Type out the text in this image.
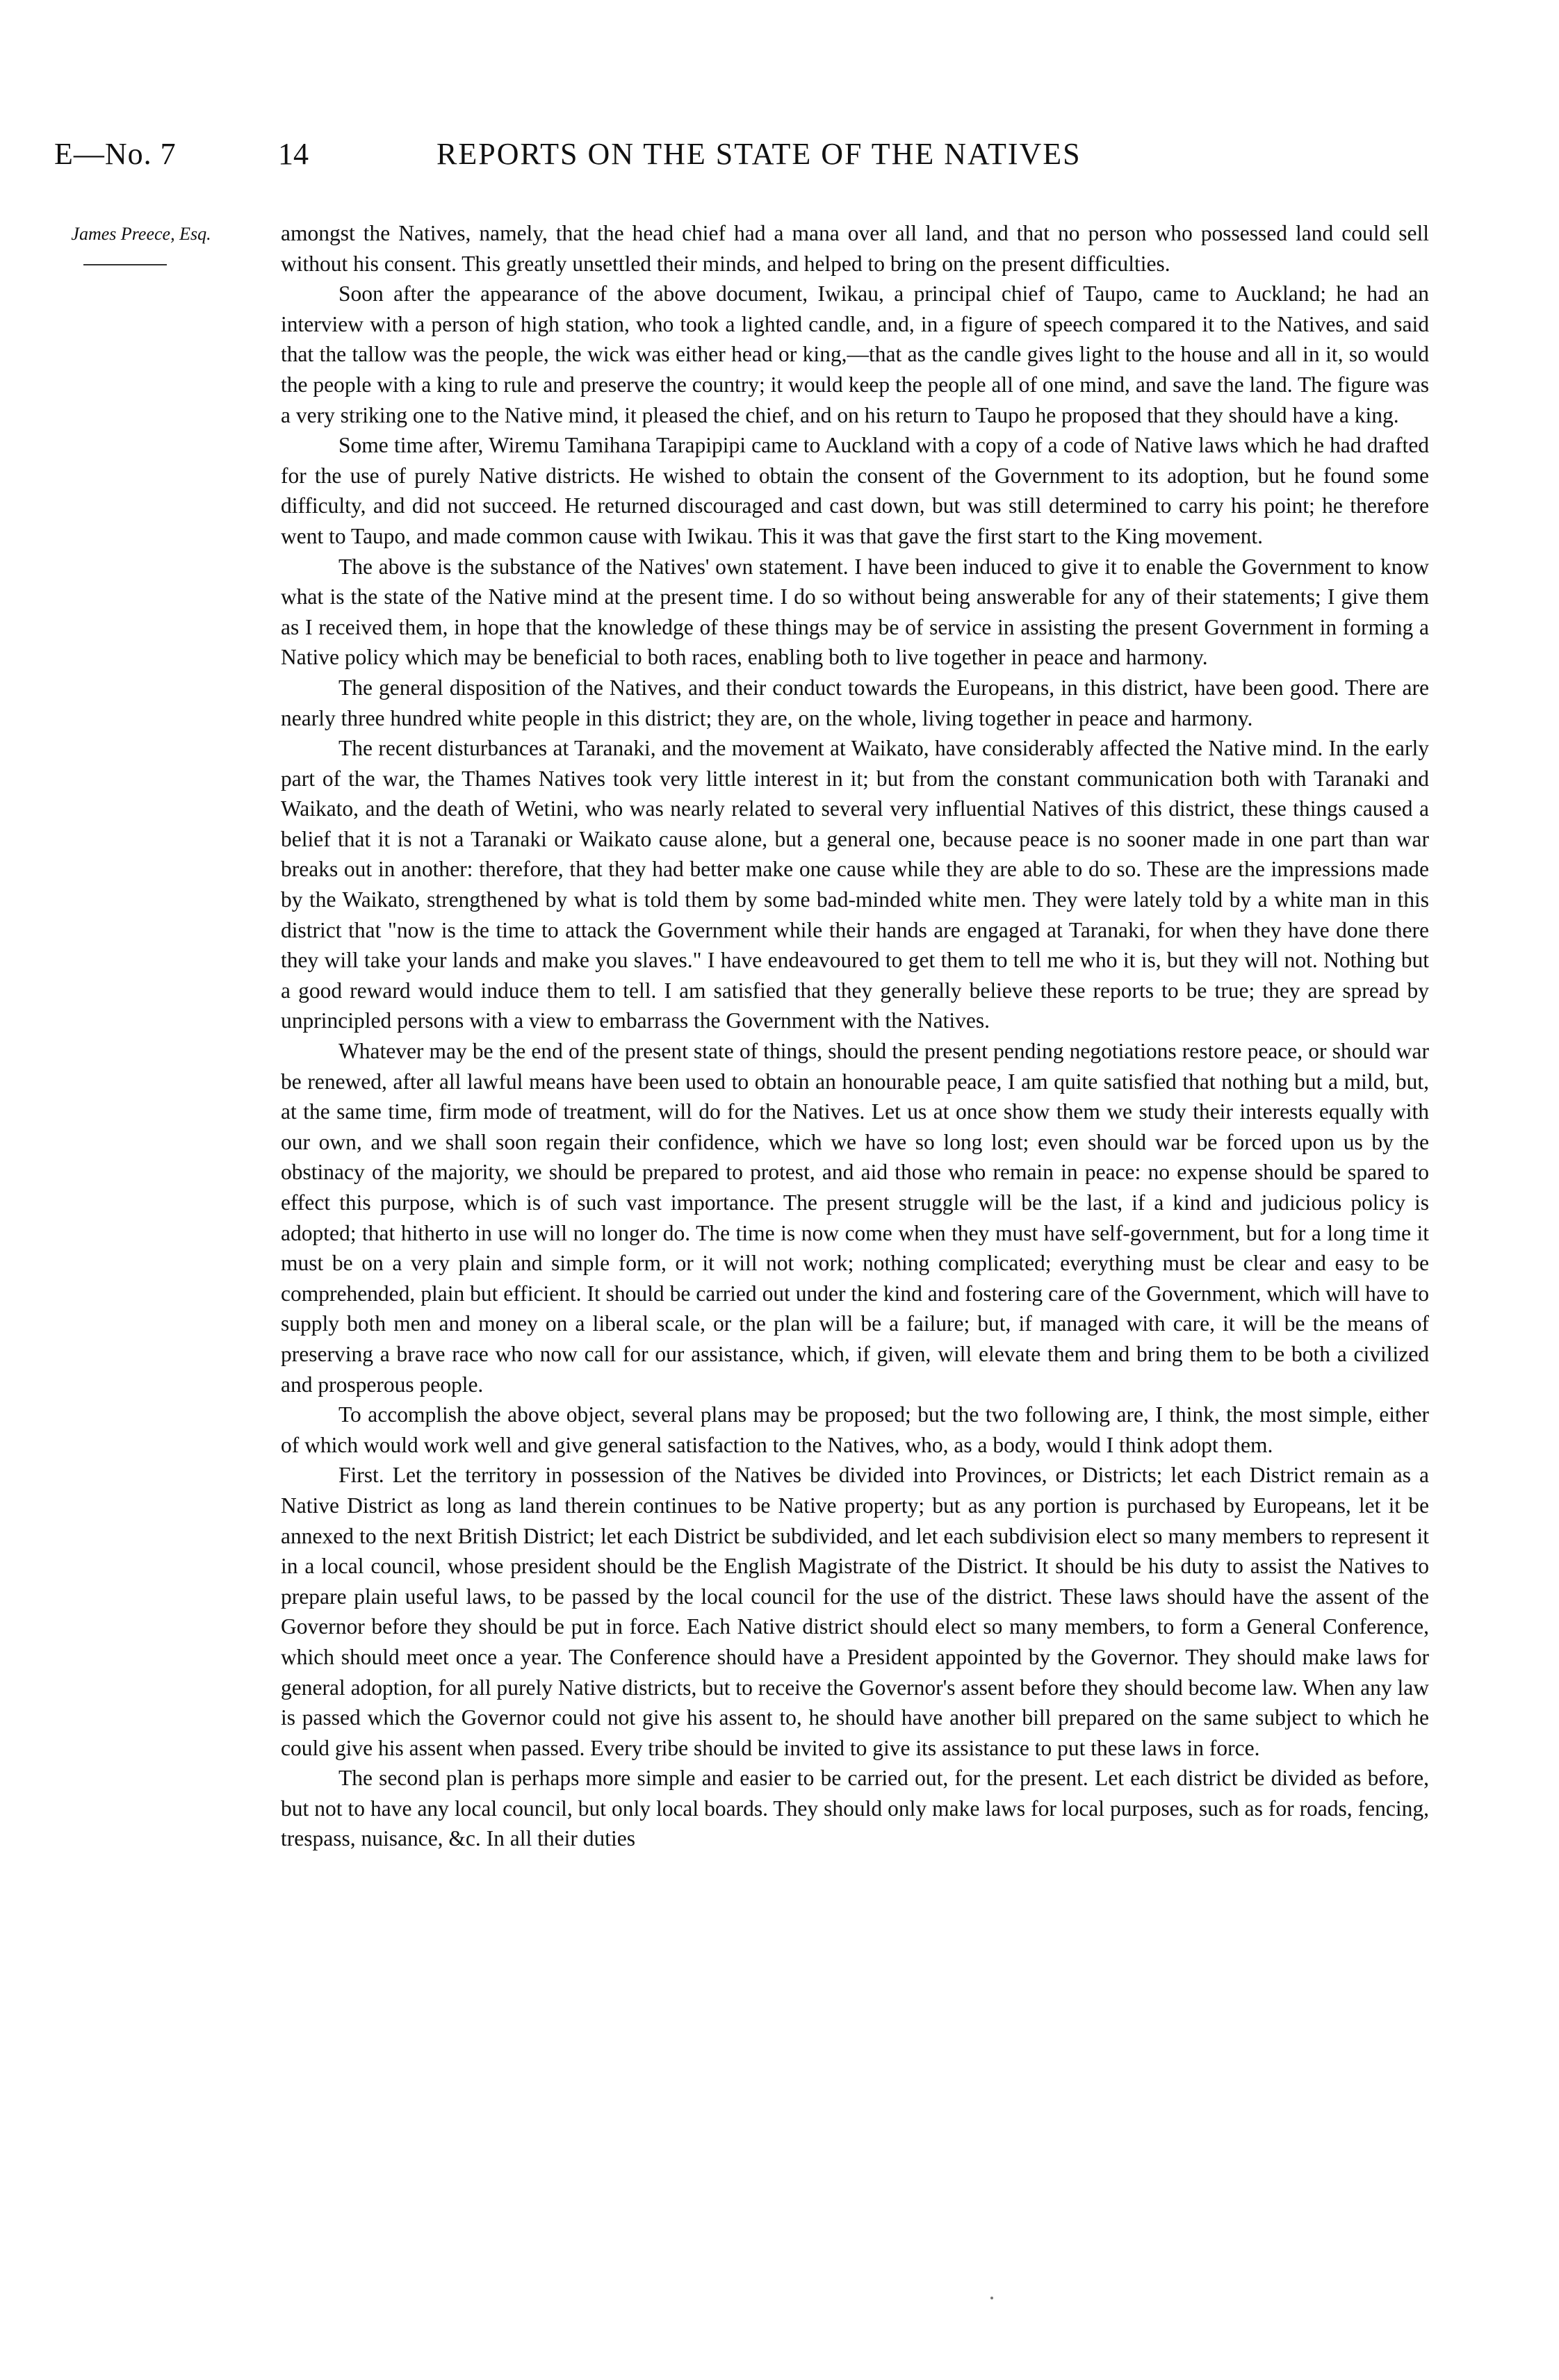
E—No. 7	14	REPORTS ON THE STATE OF THE NATIVES
James Preece, Esq.	amongst the Natives, namely, that the head chief had a mana over all land, and that no person who possessed land could sell without his consent. This greatly unsettled their minds, and helped to bring on the present difficulties.

Soon after the appearance of the above document, Iwikau, a principal chief of Taupo, came to Auckland; he had an interview with a person of high station, who took a lighted candle, and, in a figure of speech compared it to the Natives, and said that the tallow was the people, the wick was either head or king,—that as the candle gives light to the house and all in it, so would the people with a king to rule and preserve the country; it would keep the people all of one mind, and save the land. The figure was a very striking one to the Native mind, it pleased the chief, and on his return to Taupo he proposed that they should have a king.

Some time after, Wiremu Tamihana Tarapipipi came to Auckland with a copy of a code of Native laws which he had drafted for the use of purely Native districts. He wished to obtain the consent of the Government to its adoption, but he found some difficulty, and did not succeed. He returned discouraged and cast down, but was still determined to carry his point; he therefore went to Taupo, and made common cause with Iwikau. This it was that gave the first start to the King movement.

The above is the substance of the Natives' own statement. I have been induced to give it to enable the Government to know what is the state of the Native mind at the present time. I do so without being answerable for any of their statements; I give them as I received them, in hope that the knowledge of these things may be of service in assisting the present Government in forming a Native policy which may be beneficial to both races, enabling both to live together in peace and harmony.

The general disposition of the Natives, and their conduct towards the Europeans, in this district, have been good. There are nearly three hundred white people in this district; they are, on the whole, living together in peace and harmony.

The recent disturbances at Taranaki, and the movement at Waikato, have considerably affected the Native mind. In the early part of the war, the Thames Natives took very little interest in it; but from the constant communication both with Taranaki and Waikato, and the death of Wetini, who was nearly related to several very influential Natives of this district, these things caused a belief that it is not a Taranaki or Waikato cause alone, but a general one, because peace is no sooner made in one part than war breaks out in another: therefore, that they had better make one cause while they are able to do so. These are the impressions made by the Waikato, strengthened by what is told them by some bad-minded white men. They were lately told by a white man in this district that "now is the time to attack the Government while their hands are engaged at Taranaki, for when they have done there they will take your lands and make you slaves." I have endeavoured to get them to tell me who it is, but they will not. Nothing but a good reward would induce them to tell. I am satisfied that they generally believe these reports to be true; they are spread by unprincipled persons with a view to embarrass the Government with the Natives.

Whatever may be the end of the present state of things, should the present pending negotiations restore peace, or should war be renewed, after all lawful means have been used to obtain an honourable peace, I am quite satisfied that nothing but a mild, but, at the same time, firm mode of treatment, will do for the Natives. Let us at once show them we study their interests equally with our own, and we shall soon regain their confidence, which we have so long lost; even should war be forced upon us by the obstinacy of the majority, we should be prepared to protest, and aid those who remain in peace: no expense should be spared to effect this purpose, which is of such vast importance. The present struggle will be the last, if a kind and judicious policy is adopted; that hitherto in use will no longer do. The time is now come when they must have self-government, but for a long time it must be on a very plain and simple form, or it will not work; nothing complicated; everything must be clear and easy to be comprehended, plain but efficient. It should be carried out under the kind and fostering care of the Government, which will have to supply both men and money on a liberal scale, or the plan will be a failure; but, if managed with care, it will be the means of preserving a brave race who now call for our assistance, which, if given, will elevate them and bring them to be both a civilized and prosperous people.

To accomplish the above object, several plans may be proposed; but the two following are, I think, the most simple, either of which would work well and give general satisfaction to the Natives, who, as a body, would I think adopt them.

First. Let the territory in possession of the Natives be divided into Provinces, or Districts; let each District remain as a Native District as long as land therein continues to be Native property; but as any portion is purchased by Europeans, let it be annexed to the next British District; let each District be subdivided, and let each subdivision elect so many members to represent it in a local council, whose president should be the English Magistrate of the District. It should be his duty to assist the Natives to prepare plain useful laws, to be passed by the local council for the use of the district. These laws should have the assent of the Governor before they should be put in force. Each Native district should elect so many members, to form a General Conference, which should meet once a year. The Conference should have a President appointed by the Governor. They should make laws for general adoption, for all purely Native districts, but to receive the Governor's assent before they should become law. When any law is passed which the Governor could not give his assent to, he should have another bill prepared on the same subject to which he could give his assent when passed. Every tribe should be invited to give its assistance to put these laws in force.

The second plan is perhaps more simple and easier to be carried out, for the present. Let each district be divided as before, but not to have any local council, but only local boards. They should only make laws for local purposes, such as for roads, fencing, trespass, nuisance, &c. In all their duties
